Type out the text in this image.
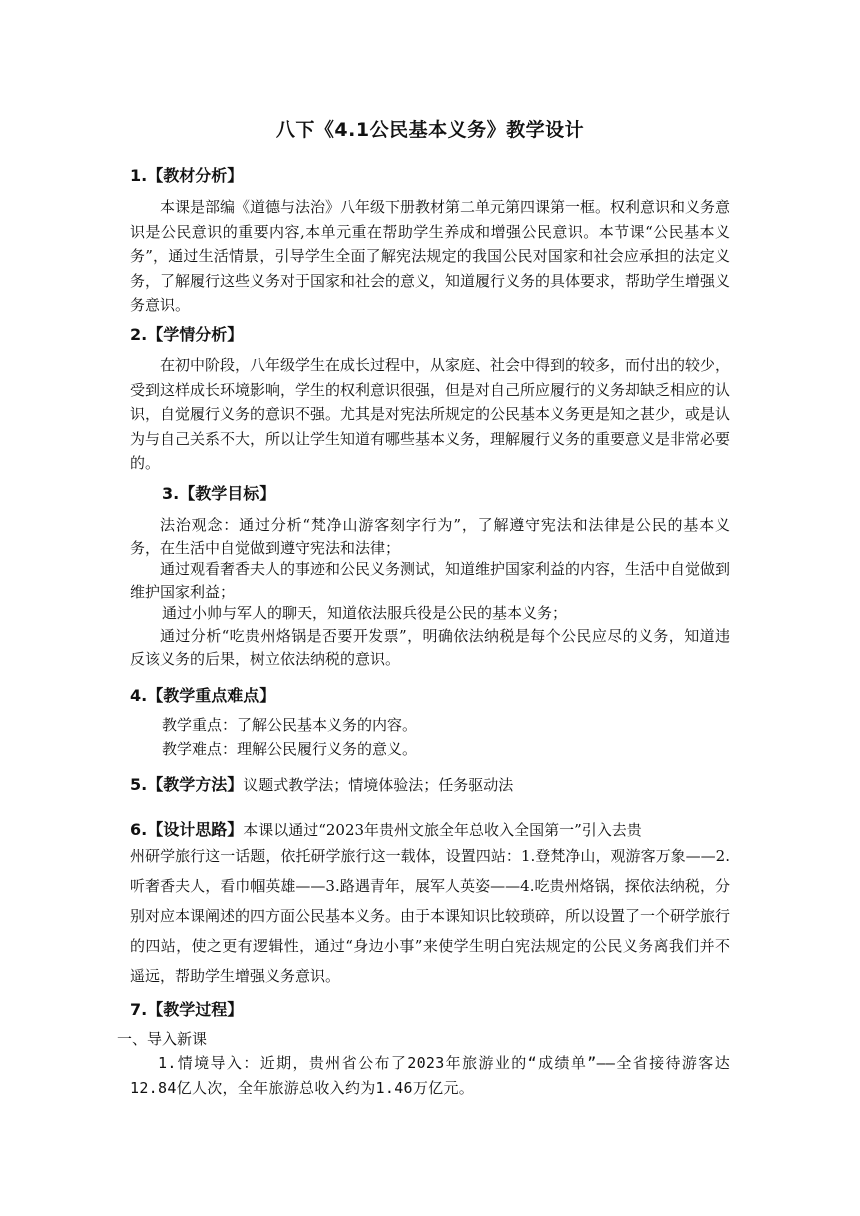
八下《4.1公民基本义务》教学设计
1.【教材分析】

本课是部编《道德与法治》八年级下册教材第二单元第四课第一框。权利意识和义务意识是公民意识的重要内容,本单元重在帮助学生养成和增强公民意识。本节课“公民基本义务”，通过生活情景，引导学生全面了解宪法规定的我国公民对国家和社会应承担的法定义务，了解履行这些义务对于国家和社会的意义，知道履行义务的具体要求，帮助学生增强义务意识。

2.【学情分析】

在初中阶段，八年级学生在成长过程中，从家庭、社会中得到的较多，而付出的较少，受到这样成长环境影响，学生的权利意识很强，但是对自己所应履行的义务却缺乏相应的认识，自觉履行义务的意识不强。尤其是对宪法所规定的公民基本义务更是知之甚少，或是认为与自己关系不大，所以让学生知道有哪些基本义务，理解履行义务的重要意义是非常必要的。

3.【教学目标】

法治观念：通过分析“梵净山游客刻字行为”，了解遵守宪法和法律是公民的基本义务，在生活中自觉做到遵守宪法和法律；

通过观看奢香夫人的事迹和公民义务测试，知道维护国家利益的内容，生活中自觉做到维护国家利益；

通过小帅与军人的聊天，知道依法服兵役是公民的基本义务；

通过分析“吃贵州烙锅是否要开发票”，明确依法纳税是每个公民应尽的义务，知道违反该义务的后果，树立依法纳税的意识。

4.【教学重点难点】
教学重点：了解公民基本义务的内容。
教学难点：理解公民履行义务的意义。
5.【教学方法】议题式教学法；情境体验法；任务驱动法
6.【设计思路】本课以通过“2023年贵州文旅全年总收入全国第一”引入去贵

州研学旅行这一话题，依托研学旅行这一载体，设置四站：1.登梵净山，观游客万象——2.听奢香夫人，看巾帼英雄——3.路遇青年，展军人英姿——4.吃贵州烙锅，探依法纳税，分别对应本课阐述的四方面公民基本义务。由于本课知识比较琐碎，所以设置了一个研学旅行的四站，使之更有逻辑性，通过“身边小事”来使学生明白宪法规定的公民义务离我们并不遥远，帮助学生增强义务意识。

7.【教学过程】
一、导入新课

1.情境导入：近期，贵州省公布了2023年旅游业的“成绩单”——全省接待游客达12.84亿人次，全年旅游总收入约为1.46万亿元。
